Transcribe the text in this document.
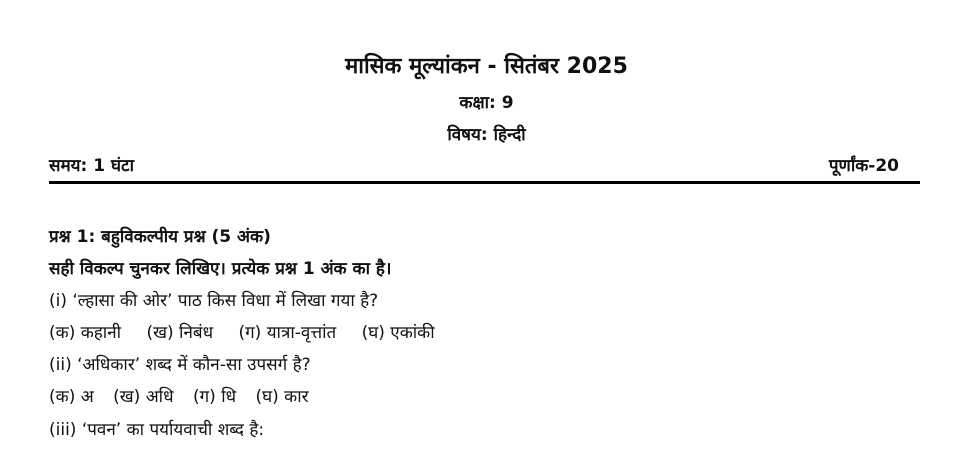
मासिक मूल्यांकन - सितंबर 2025
कक्षा: 9
विषय: हिन्दी
समय: 1 घंटा	पूर्णांक-20
प्रश्न 1: बहुविकल्पीय प्रश्न (5 अंक)
सही विकल्प चुनकर लिखिए। प्रत्येक प्रश्न 1 अंक का है।
(i) ‘ल्हासा की ओर’ पाठ किस विधा में लिखा गया है?
(क) कहानी (ख) निबंध (ग) यात्रा-वृत्तांत (घ) एकांकी
(ii) ‘अधिकार’ शब्द में कौन-सा उपसर्ग है?
(क) अ (ख) अधि (ग) धि (घ) कार
(iii) ‘पवन’ का पर्यायवाची शब्द है:
